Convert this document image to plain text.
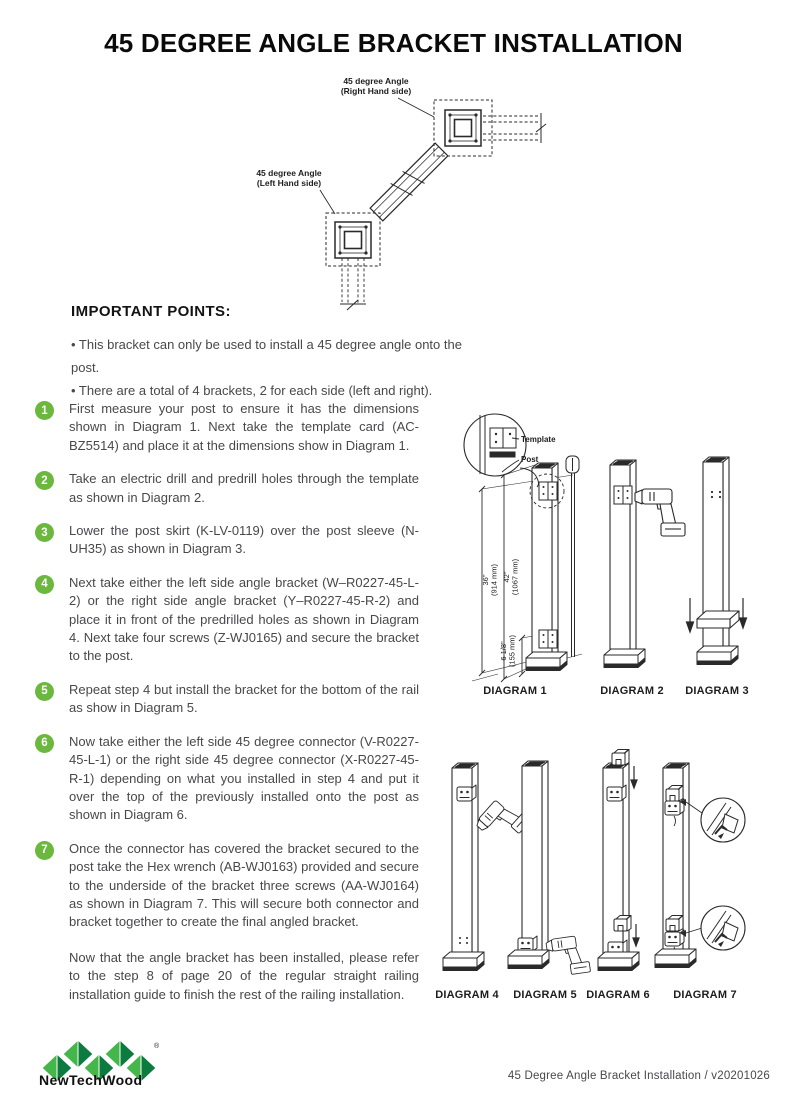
45 DEGREE ANGLE BRACKET INSTALLATION
45 degree Angle
(Right Hand side)
45 degree Angle
(Left Hand side)
IMPORTANT POINTS:
• This bracket can only be used to install a 45 degree angle onto the post.
• There are a total of 4 brackets, 2 for each side (left and right).
1	First measure your post to ensure it has the dimensions shown in Diagram 1. Next take the template card (AC-BZ5514) and place it at the dimensions show in Diagram 1.

2	Take an electric drill and predrill holes through the template as shown in Diagram 2.

3	Lower the post skirt (K-LV-0119) over the post sleeve (N-UH35) as shown in Diagram 3.

4	Next take either the left side angle bracket (W–R0227-45-L-2) or the right side angle bracket (Y–R0227-45-R-2) and place it in front of the predrilled holes as shown in Diagram 4. Next take four screws (Z-WJ0165) and secure the bracket to the post.

5	Repeat step 4 but install the bracket for the bottom of the rail as show in Diagram 5.

6	Now take either the left side 45 degree connector (V-R0227-45-L-1) or the right side 45 degree connector (X-R0227-45-R-1) depending on what you installed in step 4 and put it over the top of the previously installed onto the post as shown in Diagram 6.

7	Once the connector has covered the bracket secured to the post take the Hex wrench (AB-WJ0163) provided and secure to the underside of the bracket three screws (AA-WJ0164) as shown in Diagram 7. This will secure both connector and bracket together to create the final angled bracket.

Now that the angle bracket has been installed, please refer to the step 8 of page 20 of the regular straight railing installation guide to finish the rest of the railing installation.

Template
Post
36" (914 mm) 42" (1067 mm)
6 1/8" (155 mm)
DIAGRAM 1	DIAGRAM 2 DIAGRAM 3
DIAGRAM 4 DIAGRAM 5 DIAGRAM 6 DIAGRAM 7
®
NewTechWood	45 Degree Angle Bracket Installation / v20201026
